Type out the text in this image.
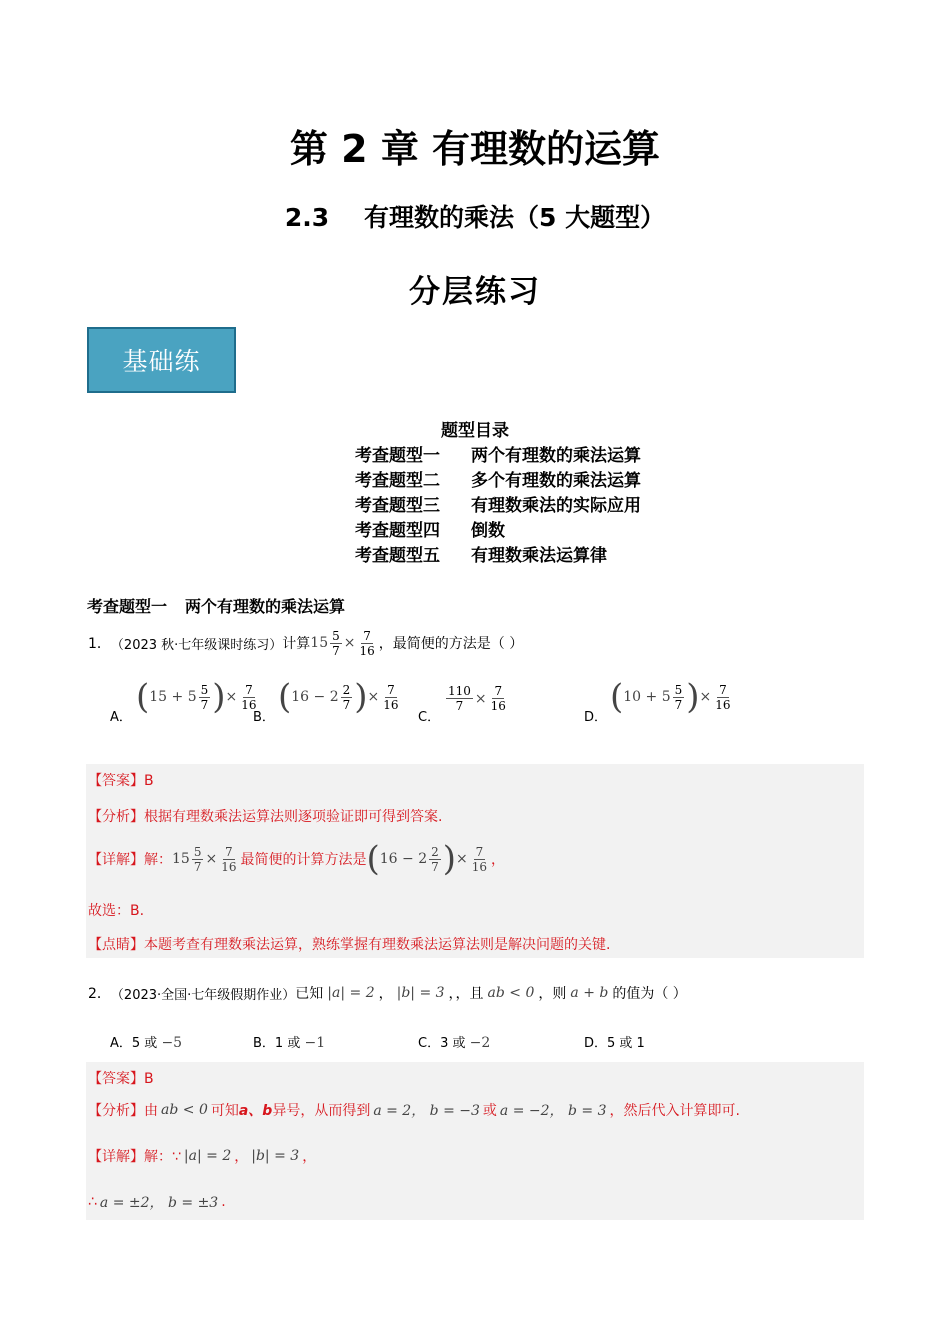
第 2 章 有理数的运算
2.3    有理数的乘法（5 大题型）
分层练习
基础练
题型目录
考查题型一 两个有理数的乘法运算
考查题型二 多个有理数的乘法运算
考查题型三 有理数乘法的实际应用
考查题型四 倒数
考查题型五 有理数乘法运算律
考查题型一 两个有理数的乘法运算
1． （2023 秋·七年级课时练习） 计算 $15 \frac{5}{7} \times \frac{7}{16}$ ，最简便的方法是（ ）
A．
( $15 + 5 \frac{5}{7}$ ) × $\frac{7}{16}$
B．
( $16 - 2 \frac{2}{7}$ ) × $\frac{7}{16}$
C．
$\frac{110}{7} \times \frac{7}{16}$
D．
( $10 + 5 \frac{5}{7}$ ) × $\frac{7}{16}$
【答案】B
【分析】根据有理数乘法运算法则逐项验证即可得到答案.
【详解】 解： $15 \frac{5}{7} \times \frac{7}{16}$ 最简便的计算方法是 ( $16 - 2 \frac{2}{7}$ ) × $\frac{7}{16}$ ，
故选：B.
【点睛】本题考查有理数乘法运算，熟练掌握有理数乘法运算法则是解决问题的关键.
2． （2023·全国·七年级假期作业） 已知 |a| = 2 ， |b| = 3 ，，且 ab < 0 ，则 a + b 的值为（ ）
A．5 或 −5	B．1 或 −1	C．3 或 −2	D．5 或 1
【答案】B
【分析】 由 ab < 0 可知 a、b 异号，从而得到 a = 2， b = −3 或 a = −2， b = 3 ，然后代入计算即可.
【详解】 解：∵ |a| = 2 ， |b| = 3 ，
∴ a = ±2， b = ±3 .
